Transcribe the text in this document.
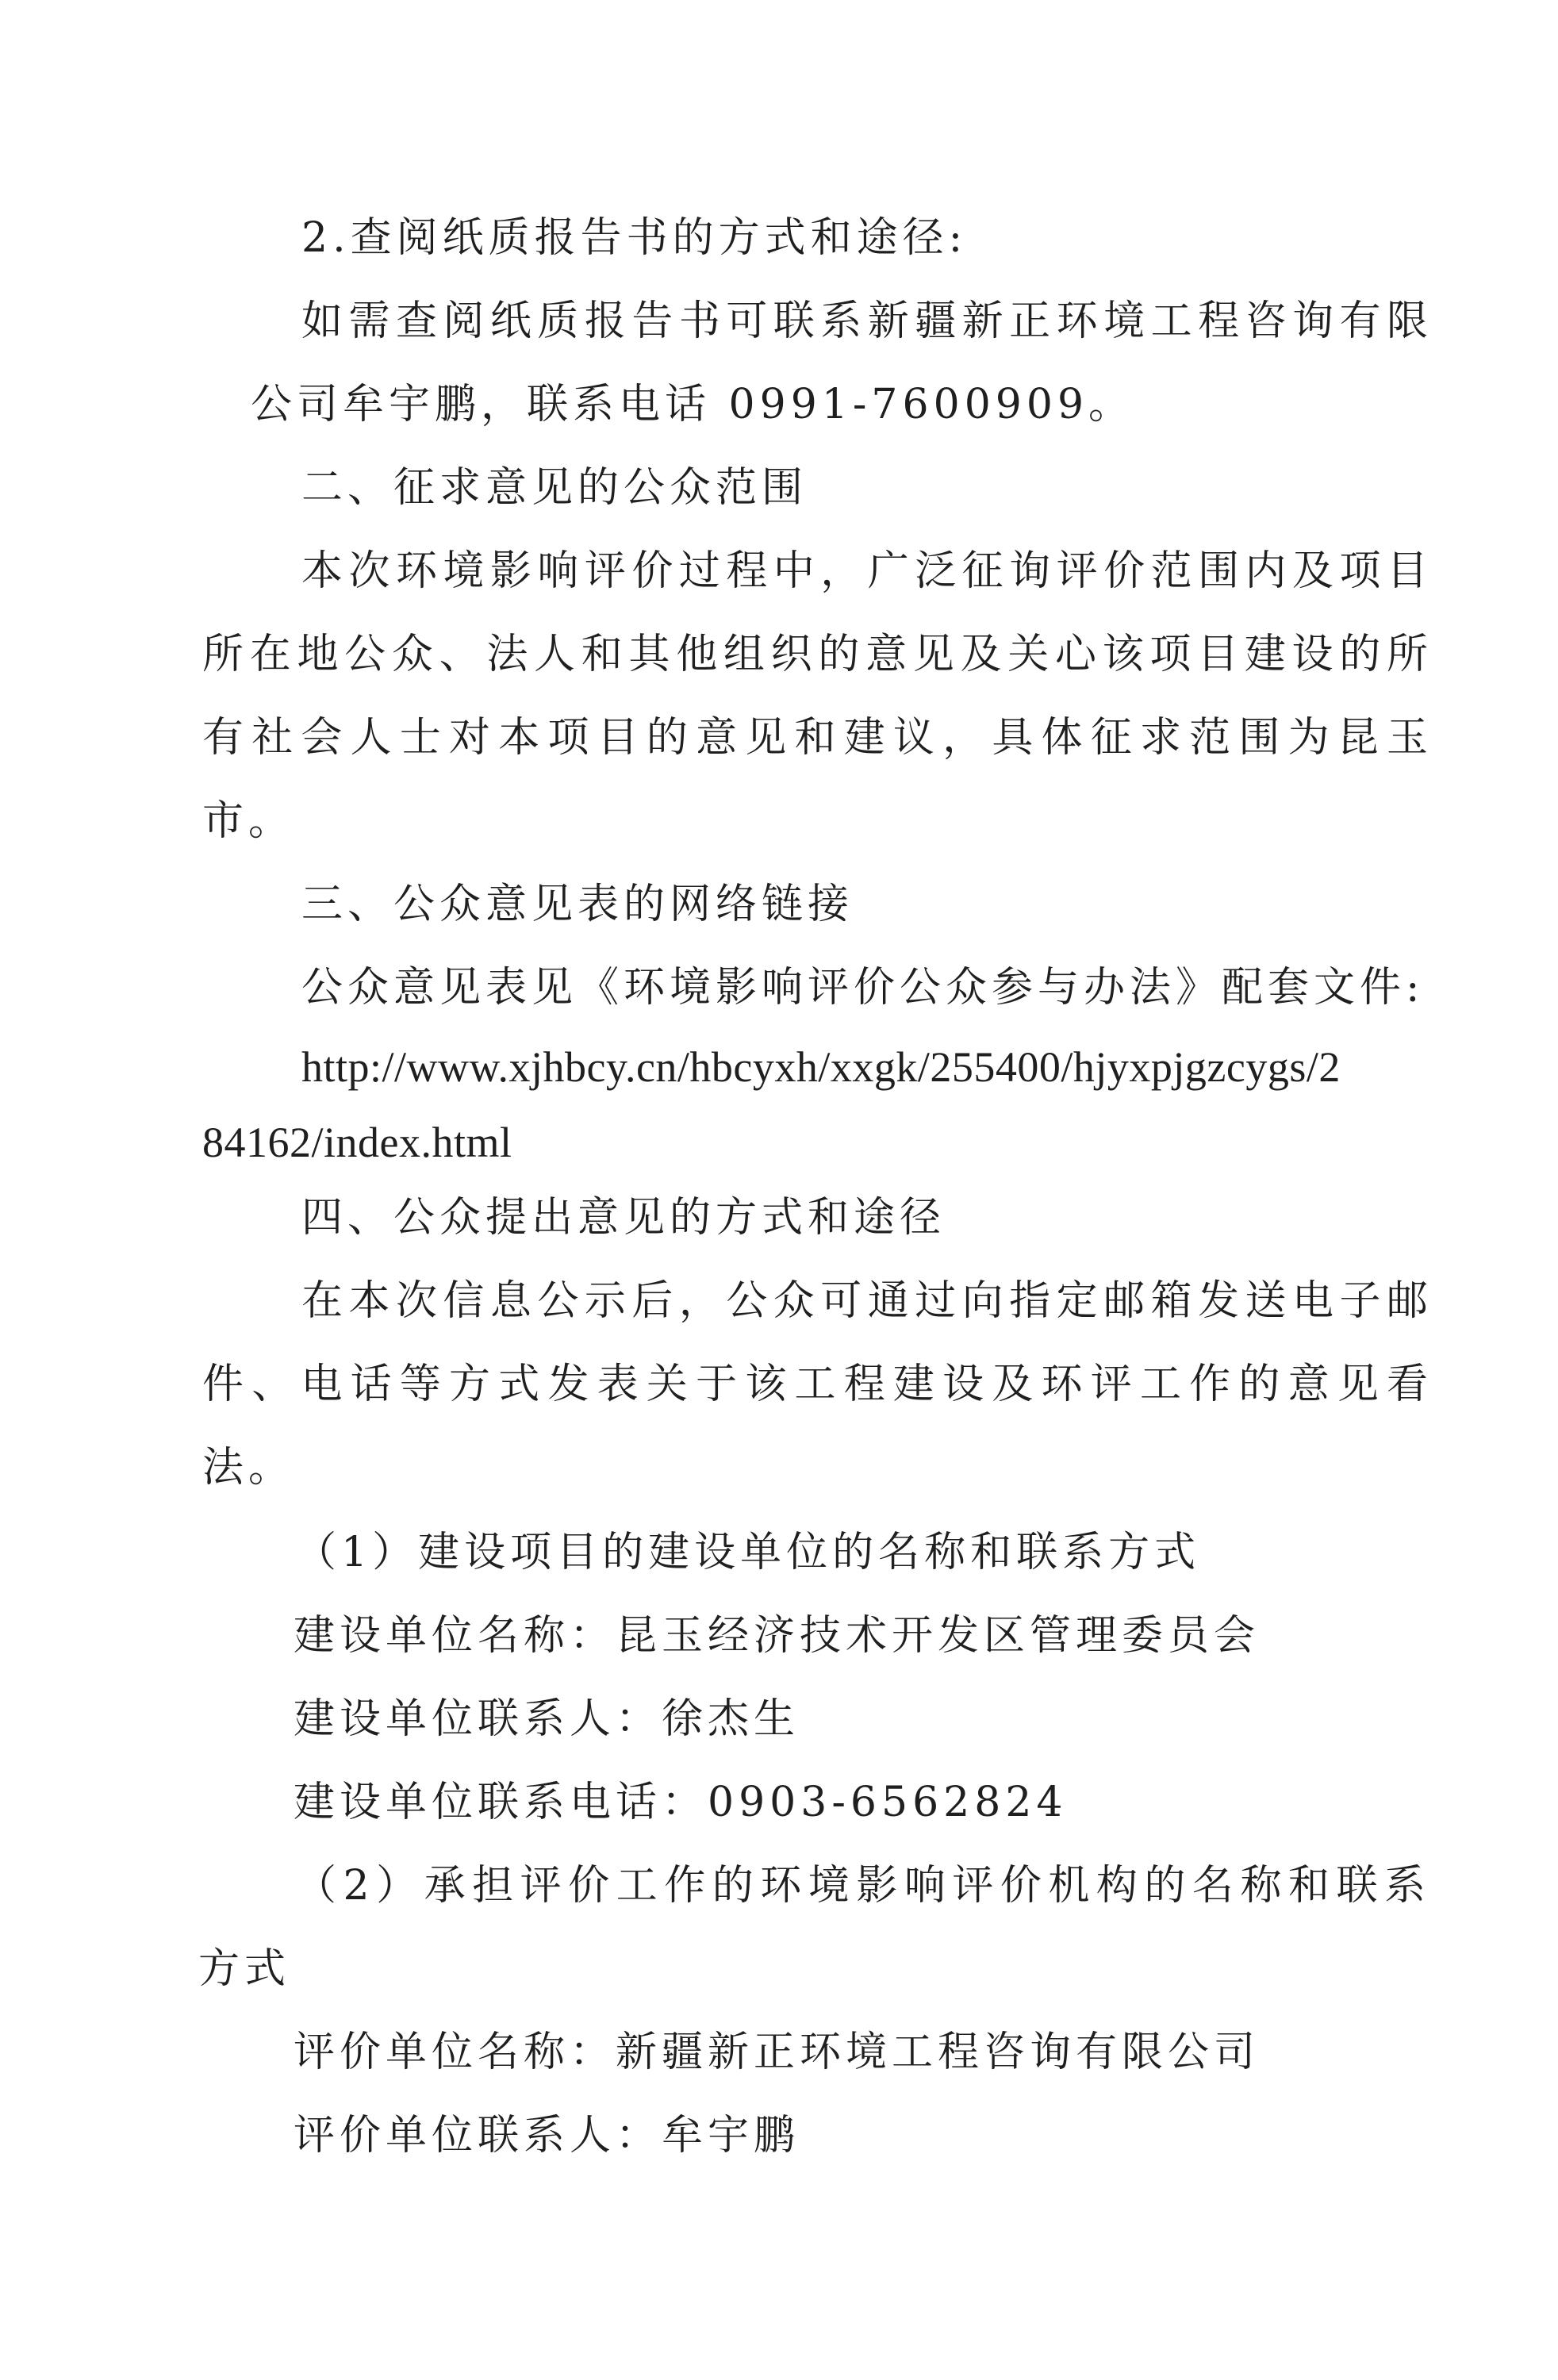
2.查阅纸质报告书的方式和途径:
如需查阅纸质报告书可联系新疆新正环境工程咨询有限
公司牟宇鹏，联系电话 0991-7600909。
二、征求意见的公众范围
本次环境影响评价过程中，广泛征询评价范围内及项目
所在地公众、法人和其他组织的意见及关心该项目建设的所
有社会人士对本项目的意见和建议，具体征求范围为昆玉
市。
三、公众意见表的网络链接
公众意见表见《环境影响评价公众参与办法》配套文件:
http://www.xjhbcy.cn/hbcyxh/xxgk/255400/hjyxpjgzcygs/2
84162/index.html
四、公众提出意见的方式和途径
在本次信息公示后，公众可通过向指定邮箱发送电子邮
件、电话等方式发表关于该工程建设及环评工作的意见看
法。
（1）建设项目的建设单位的名称和联系方式
建设单位名称：昆玉经济技术开发区管理委员会
建设单位联系人：徐杰生
建设单位联系电话：0903-6562824
（2）承担评价工作的环境影响评价机构的名称和联系
方式
评价单位名称：新疆新正环境工程咨询有限公司
评价单位联系人：牟宇鹏
